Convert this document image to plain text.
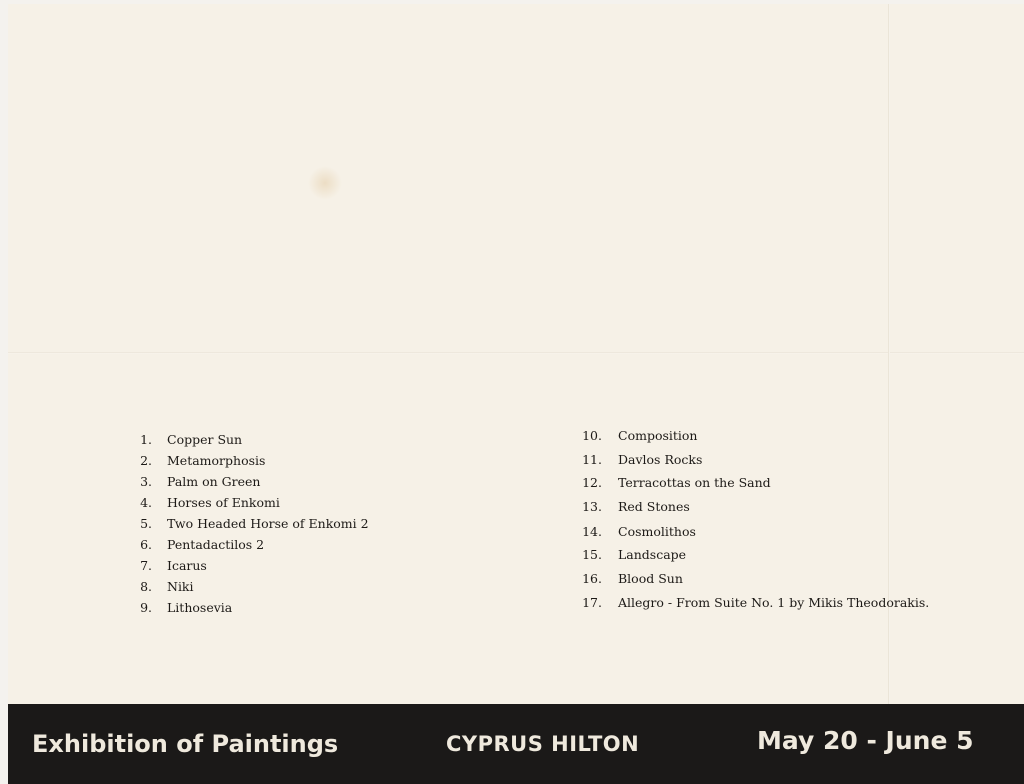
1. Copper Sun
2. Metamorphosis
3. Palm on Green
4. Horses of Enkomi
5. Two Headed Horse of Enkomi 2
6. Pentadactilos 2
7. Icarus
8. Niki
9. Lithosevia
10. Composition
11. Davlos Rocks
12. Terracottas on the Sand
13. Red Stones
14. Cosmolithos
15. Landscape
16. Blood Sun
17. Allegro - From Suite No. 1 by Mikis Theodorakis.
Exhibition of Paintings	CYPRUS HILTON	May 20 - June 5
